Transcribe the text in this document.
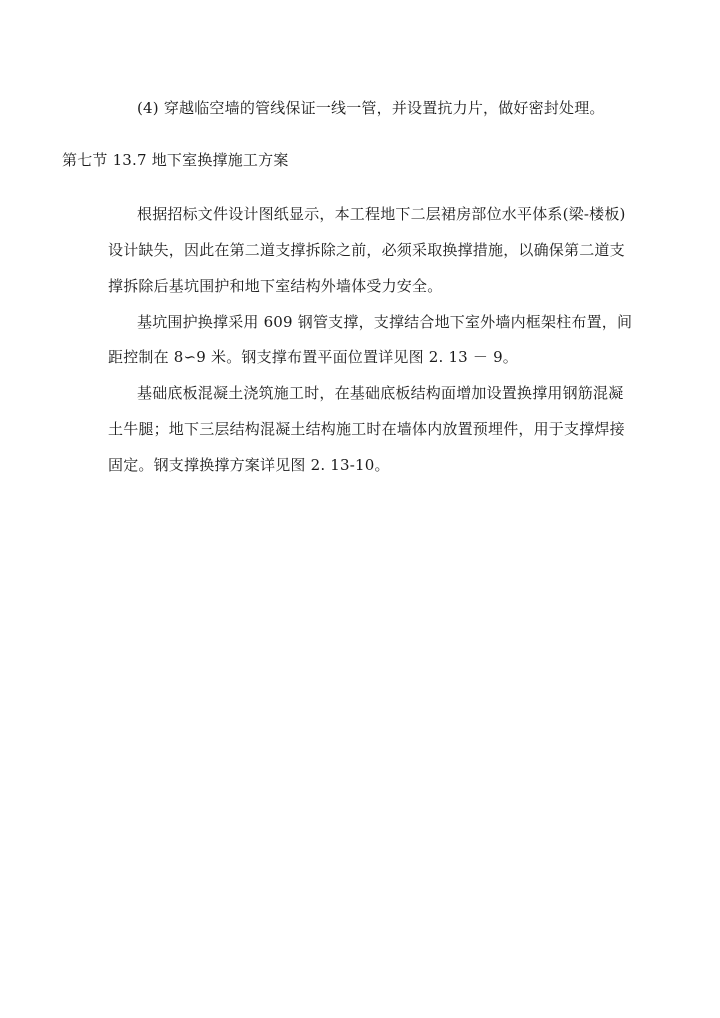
(4) 穿越临空墙的管线保证一线一管，并设置抗力片，做好密封处理。
第七节 13.7 地下室换撑施工方案
根据招标文件设计图纸显示，本工程地下二层裙房部位水平体系(梁-楼板)
设计缺失，因此在第二道支撑拆除之前，必须采取换撑措施，以确保第二道支
撑拆除后基坑围护和地下室结构外墙体受力安全。
基坑围护换撑采用 609 钢管支撑，支撑结合地下室外墙内框架柱布置，间
距控制在 8∽9 米。钢支撑布置平面位置详见图 2. 13 － 9。
基础底板混凝土浇筑施工时，在基础底板结构面增加设置换撑用钢筋混凝
土牛腿；地下三层结构混凝土结构施工时在墙体内放置预埋件，用于支撑焊接
固定。钢支撑换撑方案详见图 2. 13-10。
